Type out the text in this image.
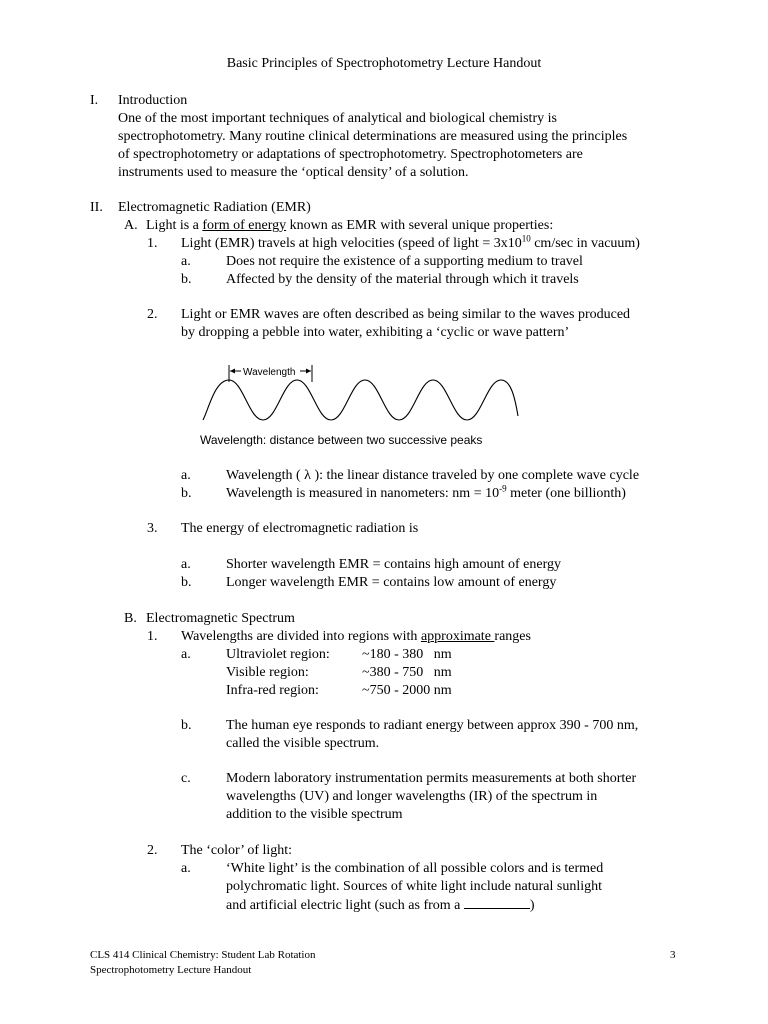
Basic Principles of Spectrophotometry Lecture Handout
I. Introduction
One of the most important techniques of analytical and biological chemistry is
spectrophotometry. Many routine clinical determinations are measured using the principles
of spectrophotometry or adaptations of spectrophotometry. Spectrophotometers are
instruments used to measure the ‘optical density’ of a solution.
II. Electromagnetic Radiation (EMR)
A. Light is a form of energy known as EMR with several unique properties:
1. Light (EMR) travels at high velocities (speed of light = $3x10^{10}$ cm/sec in vacuum)
a.	Does not require the existence of a supporting medium to travel
b. Affected by the density of the material through which it travels
2. Light or EMR waves are often described as being similar to the waves produced
by dropping a pebble into water, exhibiting a ‘cyclic or wave pattern’
Wavelength
Wavelength: distance between two successive peaks
a.	Wavelength ( λ ): the linear distance traveled by one complete wave cycle
b. Wavelength is measured in nanometers: nm = $10^{-9}$ meter (one billionth)
3. The energy of electromagnetic radiation is
a.	Shorter wavelength EMR = contains high amount of energy
b. Longer wavelength EMR = contains low amount of energy
B. Electromagnetic Spectrum
1. Wavelengths are divided into regions with approximate ranges
a.	Ultraviolet region: ~180 - 380   nm
Visible region:	~380 - 750   nm
Infra-red region:	~750 - 2000 nm
b. The human eye responds to radiant energy between approx 390 - 700 nm,
called the visible spectrum.
c.	Modern laboratory instrumentation permits measurements at both shorter
wavelengths (UV) and longer wavelengths (IR) of the spectrum in
addition to the visible spectrum
2. The ‘color’ of light:
a.	‘White light’ is the combination of all possible colors and is termed
polychromatic light. Sources of white light include natural sunlight
and artificial electric light (such as from a	)
CLS 414 Clinical Chemistry: Student Lab Rotation
Spectrophotometry Lecture Handout
3
